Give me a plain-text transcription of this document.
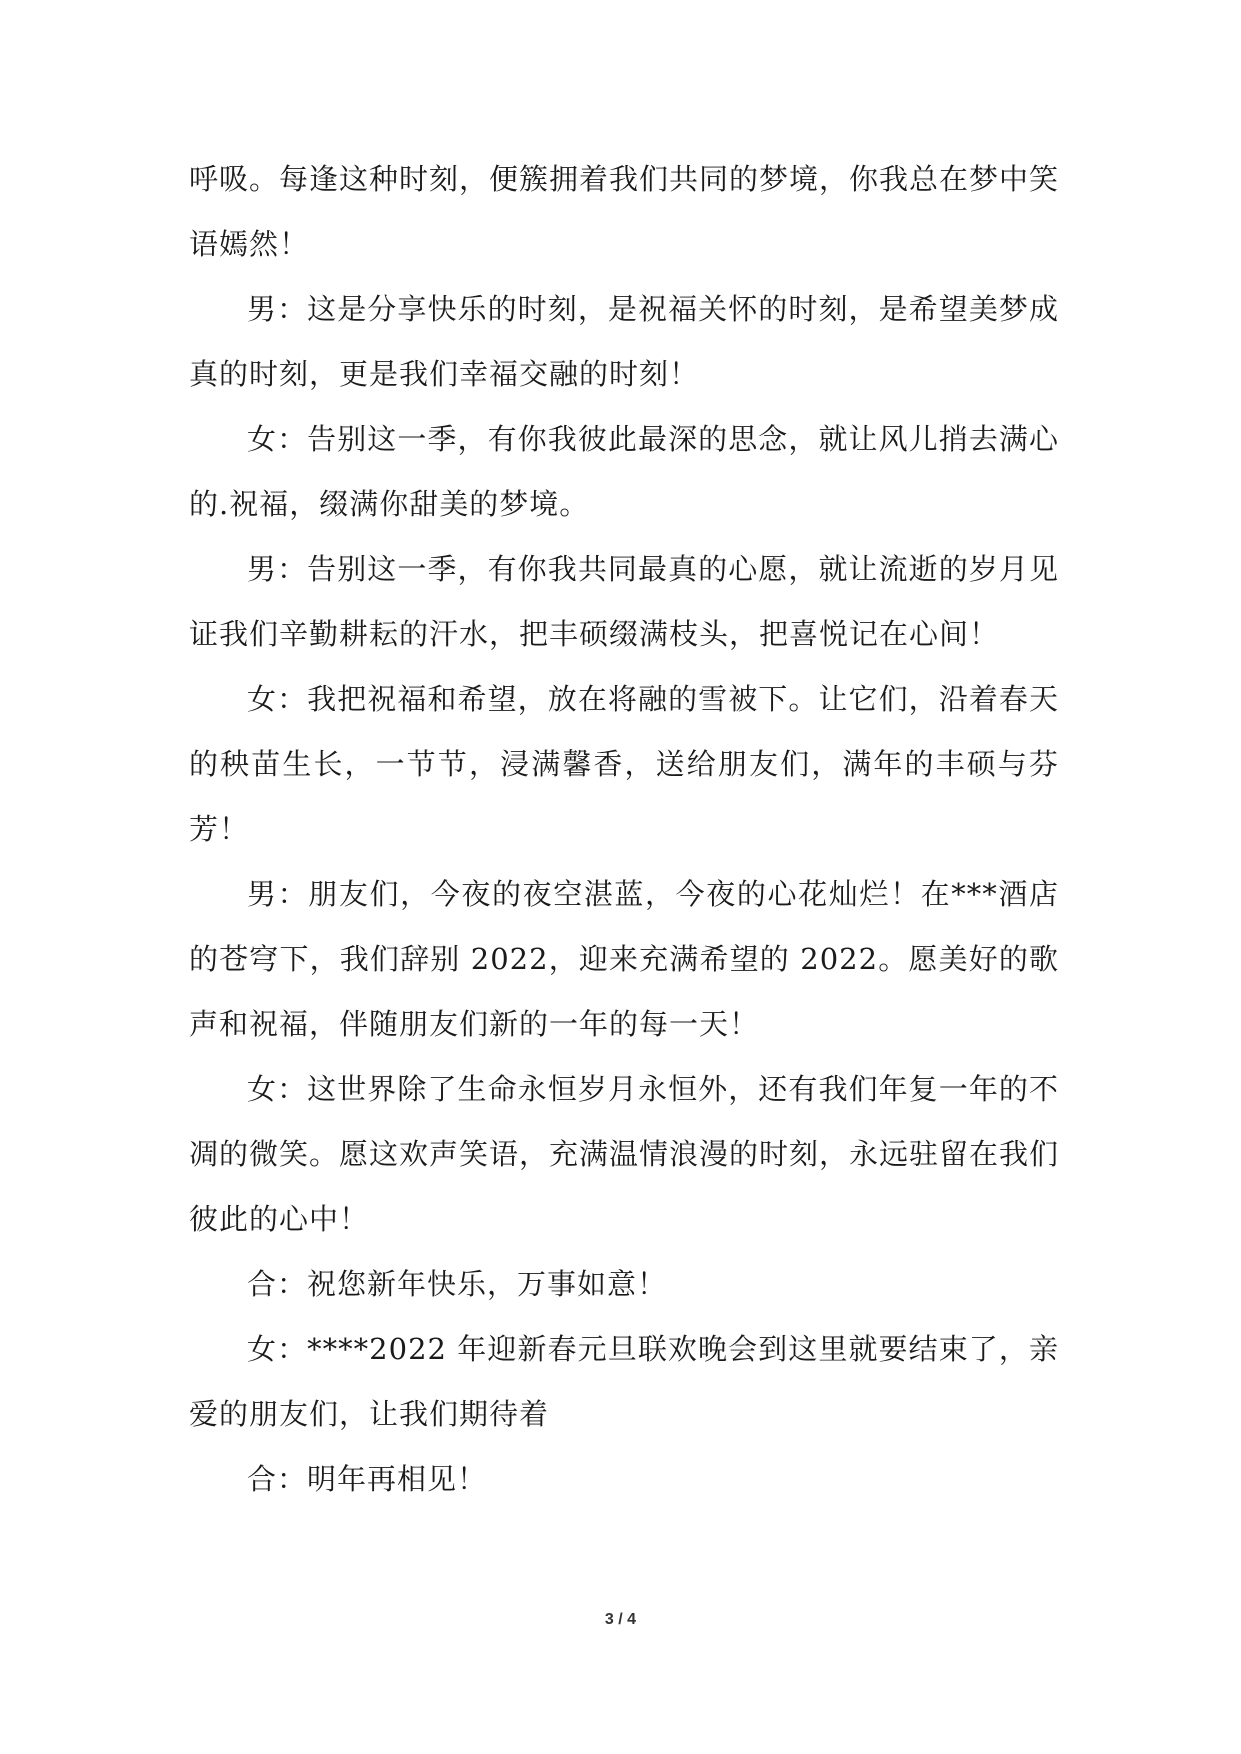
呼吸。每逢这种时刻，便簇拥着我们共同的梦境，你我总在梦中笑语嫣然！

男：这是分享快乐的时刻，是祝福关怀的时刻，是希望美梦成真的时刻，更是我们幸福交融的时刻！

女：告别这一季，有你我彼此最深的思念，就让风儿捎去满心的.祝福，缀满你甜美的梦境。

男：告别这一季，有你我共同最真的心愿，就让流逝的岁月见证我们辛勤耕耘的汗水，把丰硕缀满枝头，把喜悦记在心间！

女：我把祝福和希望，放在将融的雪被下。让它们，沿着春天的秧苗生长，一节节，浸满馨香，送给朋友们，满年的丰硕与芬芳！

男：朋友们，今夜的夜空湛蓝，今夜的心花灿烂！在***酒店的苍穹下，我们辞别 2022，迎来充满希望的 2022。愿美好的歌声和祝福，伴随朋友们新的一年的每一天！

女：这世界除了生命永恒岁月永恒外，还有我们年复一年的不凋的微笑。愿这欢声笑语，充满温情浪漫的时刻，永远驻留在我们彼此的心中！

合：祝您新年快乐，万事如意！

女：****2022 年迎新春元旦联欢晚会到这里就要结束了，亲爱的朋友们，让我们期待着

合：明年再相见！

3 / 4
